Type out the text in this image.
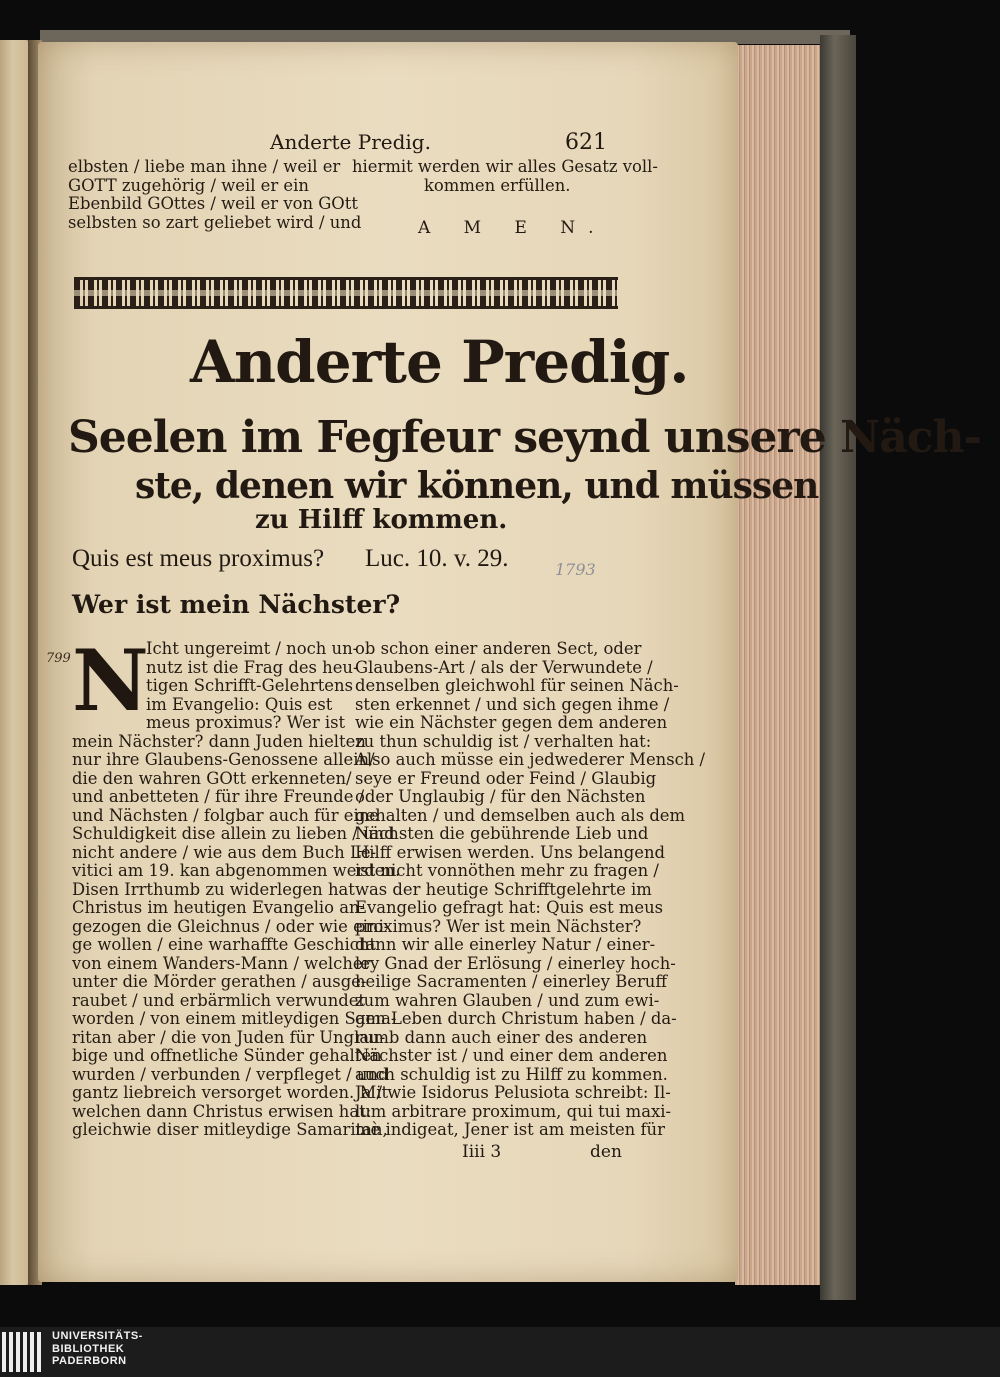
Anderte Predig.	621
elbsten / liebe man ihne / weil er
GOTT zugehörig / weil er ein
Ebenbild GOttes / weil er von GOtt
selbsten so zart geliebet wird / und
hiermit werden wir alles Gesatz voll-
kommen erfüllen.
A M E N.
Anderte Predig.
Seelen im Fegfeur seynd unsere Näch-
ste, denen wir können, und müssen
zu Hilff kommen.
Quis est meus proximus? Luc. 10. v. 29.	1793
Wer ist mein Nächster?
799 N
Icht ungereimt / noch un-
nutz ist die Frag des heu-
tigen Schrifft-Gelehrtens
im Evangelio: Quis est
meus proximus? Wer ist
mein Nächster? dann Juden hielten
nur ihre Glaubens-Genossene allein/
die den wahren GOtt erkenneten/
und anbetteten / für ihre Freunde /
und Nächsten / folgbar auch für eine
Schuldigkeit dise allein zu lieben / und
nicht andere / wie aus dem Buch Le-
vitici am 19. kan abgenommen werden.
Disen Irrthumb zu widerlegen hat
Christus im heutigen Evangelio an-
gezogen die Gleichnus / oder wie eini-
ge wollen / eine warhaffte Geschicht
von einem Wanders-Mann / welcher
unter die Mörder gerathen / ausge-
raubet / und erbärmlich verwundet
worden / von einem mitleydigen Sama-
ritan aber / die von Juden für Unglau-
bige und offnetliche Sünder gehalten
wurden / verbunden / verpfleget / und
gantz liebreich versorget worden. Mit
welchen dann Christus erwisen hat:
gleichwie diser mitleydige Samaritan,
ob schon einer anderen Sect, oder
Glaubens-Art / als der Verwundete /
denselben gleichwohl für seinen Näch-
sten erkennet / und sich gegen ihme /
wie ein Nächster gegen dem anderen
zu thun schuldig ist / verhalten hat:
Also auch müsse ein jedwederer Mensch /
seye er Freund oder Feind / Glaubig
oder Unglaubig / für den Nächsten
gehalten / und demselben auch als dem
Nächsten die gebührende Lieb und
Hilff erwisen werden. Uns belangend
ist nicht vonnöthen mehr zu fragen /
was der heutige Schrifftgelehrte im
Evangelio gefragt hat: Quis est meus
proximus? Wer ist mein Nächster?
dann wir alle einerley Natur / einer-
ley Gnad der Erlösung / einerley hoch-
heilige Sacramenten / einerley Beruff
zum wahren Glauben / und zum ewi-
gen Leben durch Christum haben / da-
rumb dann auch einer des anderen
Nächster ist / und einer dem anderen
auch schuldig ist zu Hilff zu kommen.
Ja / wie Isidorus Pelusiota schreibt: Il-
lum arbitrare proximum, qui tui maxi-
mè indigeat, Jener ist am meisten für
Iiii 3	den
UNIVERSITÄTS-
BIBLIOTHEK
PADERBORN
